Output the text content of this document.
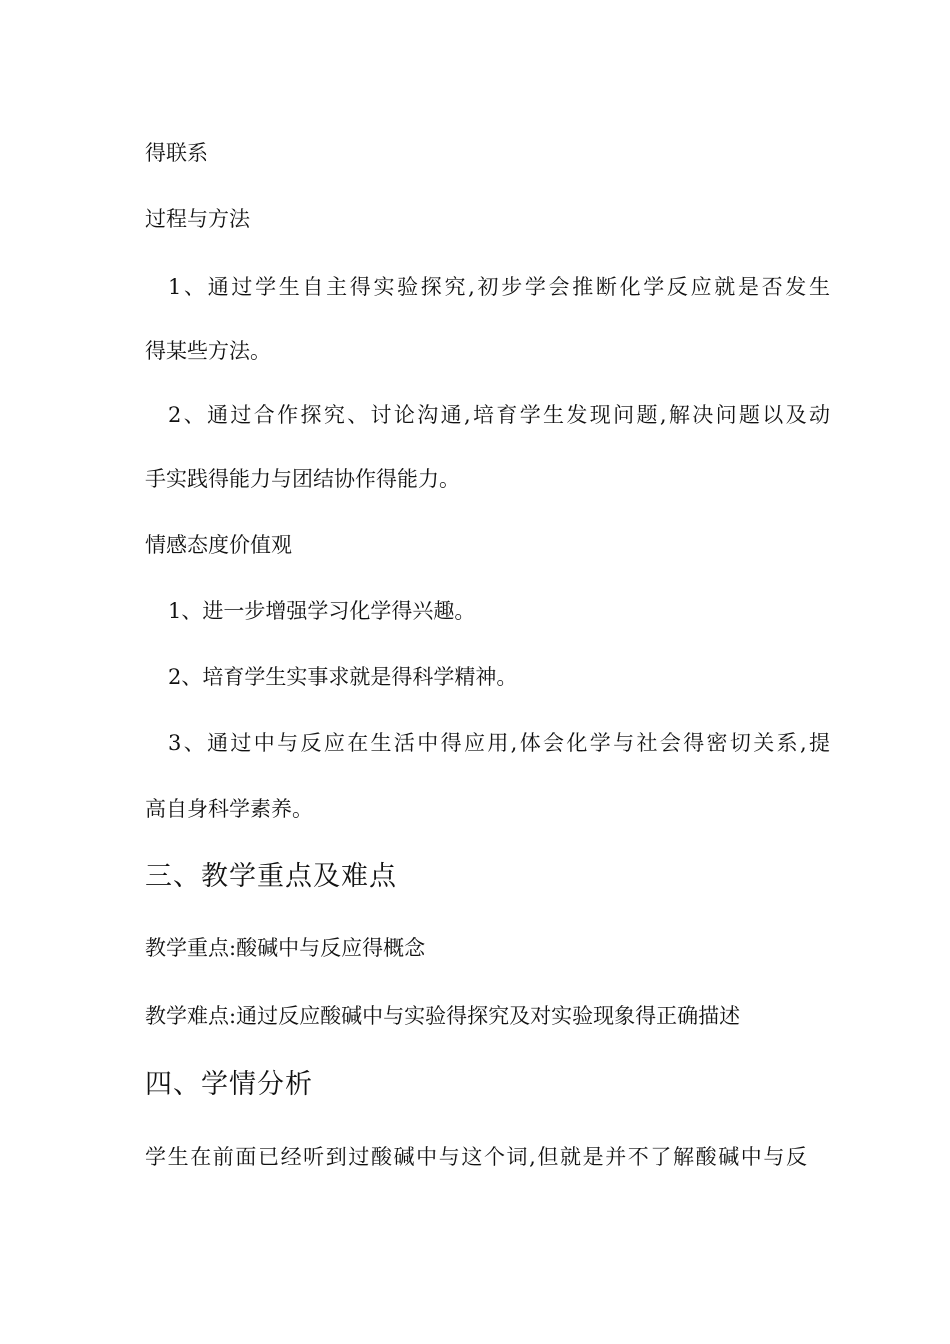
得联系

过程与方法

1、通过学生自主得实验探究,初步学会推断化学反应就是否发生

得某些方法。

2、通过合作探究、讨论沟通,培育学生发现问题,解决问题以及动

手实践得能力与团结协作得能力。

情感态度价值观

1、进一步增强学习化学得兴趣。

2、培育学生实事求就是得科学精神。

3、通过中与反应在生活中得应用,体会化学与社会得密切关系,提

高自身科学素养。

三、教学重点及难点

教学重点:酸碱中与反应得概念

教学难点:通过反应酸碱中与实验得探究及对实验现象得正确描述

四、学情分析

学生在前面已经听到过酸碱中与这个词,但就是并不了解酸碱中与反
